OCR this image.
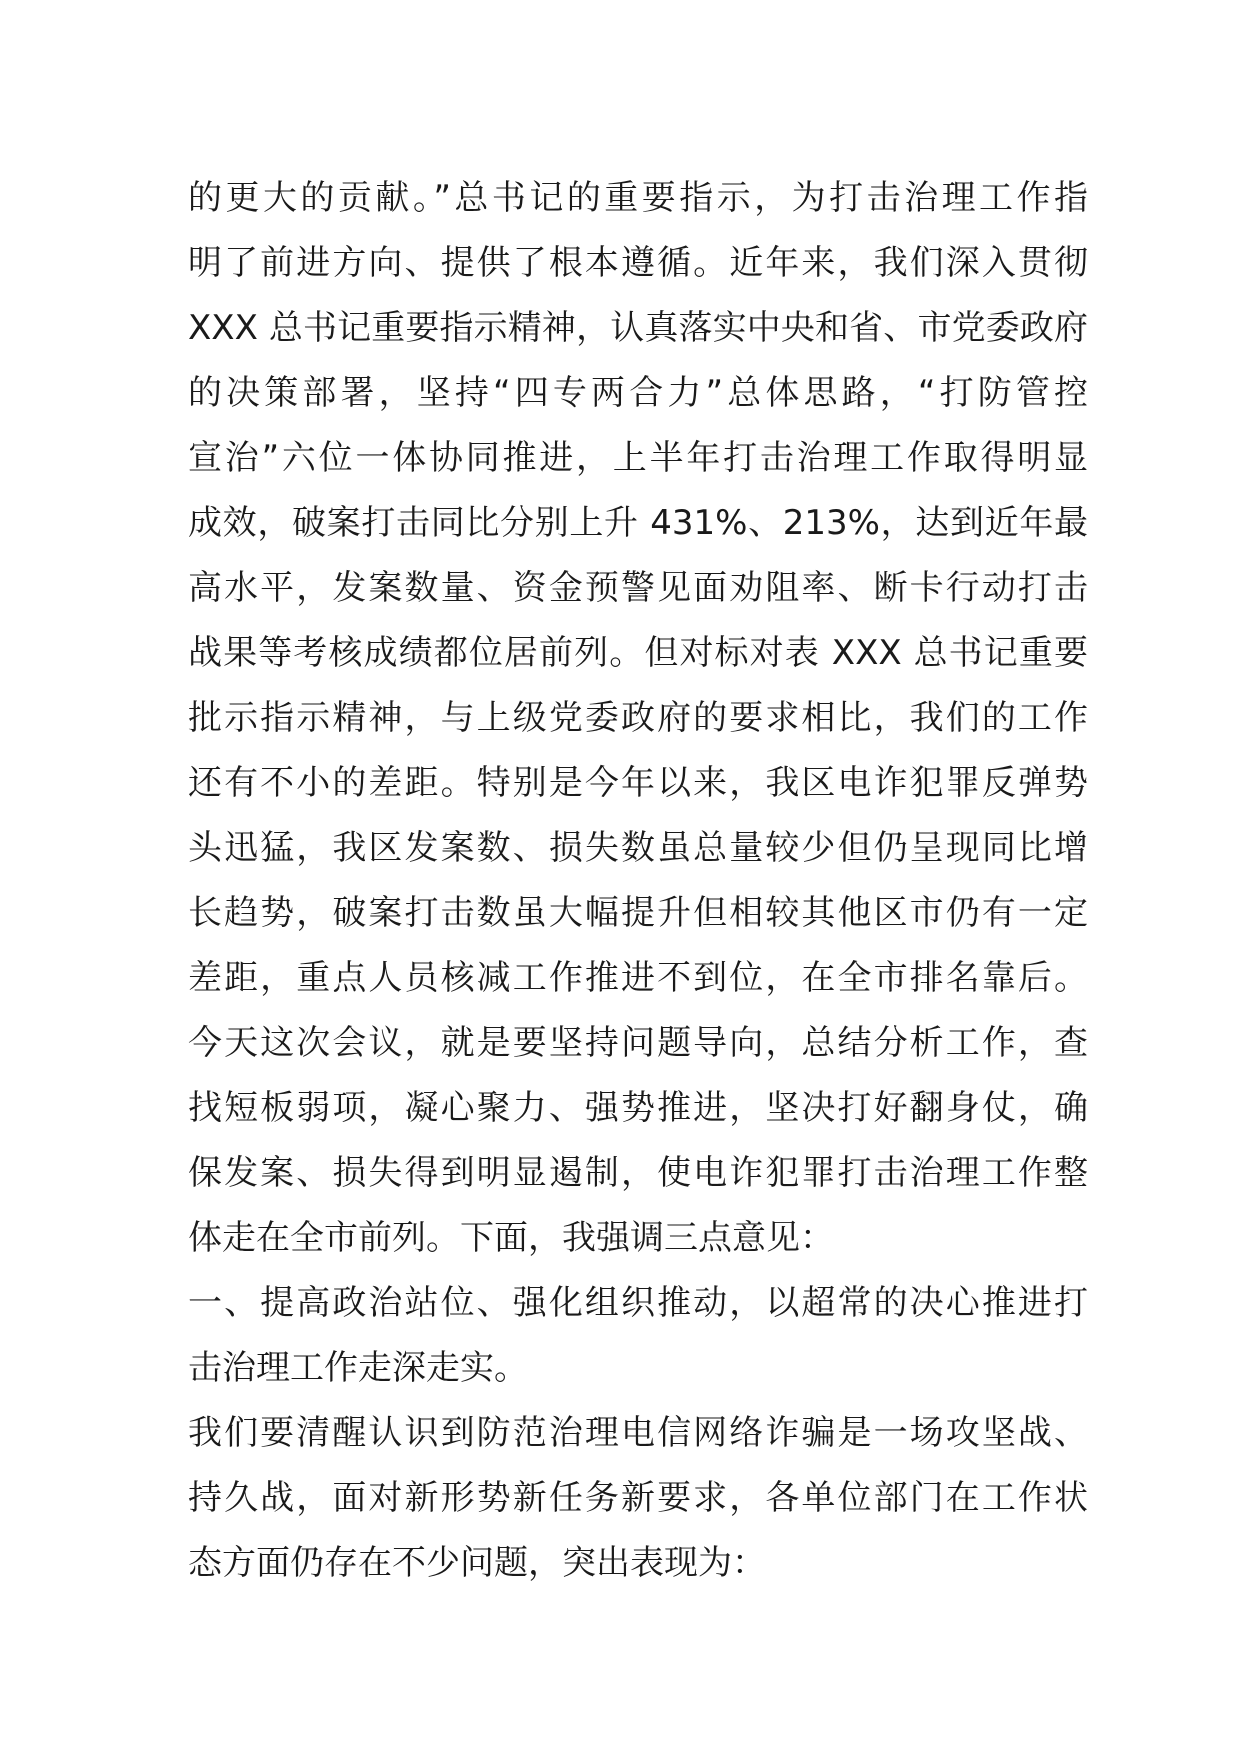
的更大的贡献。”总书记的重要指示，为打击治理工作指
明了前进方向、提供了根本遵循。近年来，我们深入贯彻
XXX 总书记重要指示精神，认真落实中央和省、市党委政府
的决策部署，坚持“四专两合力”总体思路，“打防管控
宣治”六位一体协同推进，上半年打击治理工作取得明显
成效，破案打击同比分别上升 431%、213%，达到近年最
高水平，发案数量、资金预警见面劝阻率、断卡行动打击
战果等考核成绩都位居前列。但对标对表 XXX 总书记重要
批示指示精神，与上级党委政府的要求相比，我们的工作
还有不小的差距。特别是今年以来，我区电诈犯罪反弹势
头迅猛，我区发案数、损失数虽总量较少但仍呈现同比增
长趋势，破案打击数虽大幅提升但相较其他区市仍有一定
差距，重点人员核减工作推进不到位，在全市排名靠后。
今天这次会议，就是要坚持问题导向，总结分析工作，查
找短板弱项，凝心聚力、强势推进，坚决打好翻身仗，确
保发案、损失得到明显遏制，使电诈犯罪打击治理工作整
体走在全市前列。下面，我强调三点意见：
一、提高政治站位、强化组织推动，以超常的决心推进打
击治理工作走深走实。
我们要清醒认识到防范治理电信网络诈骗是一场攻坚战、
持久战，面对新形势新任务新要求，各单位部门在工作状
态方面仍存在不少问题，突出表现为：
